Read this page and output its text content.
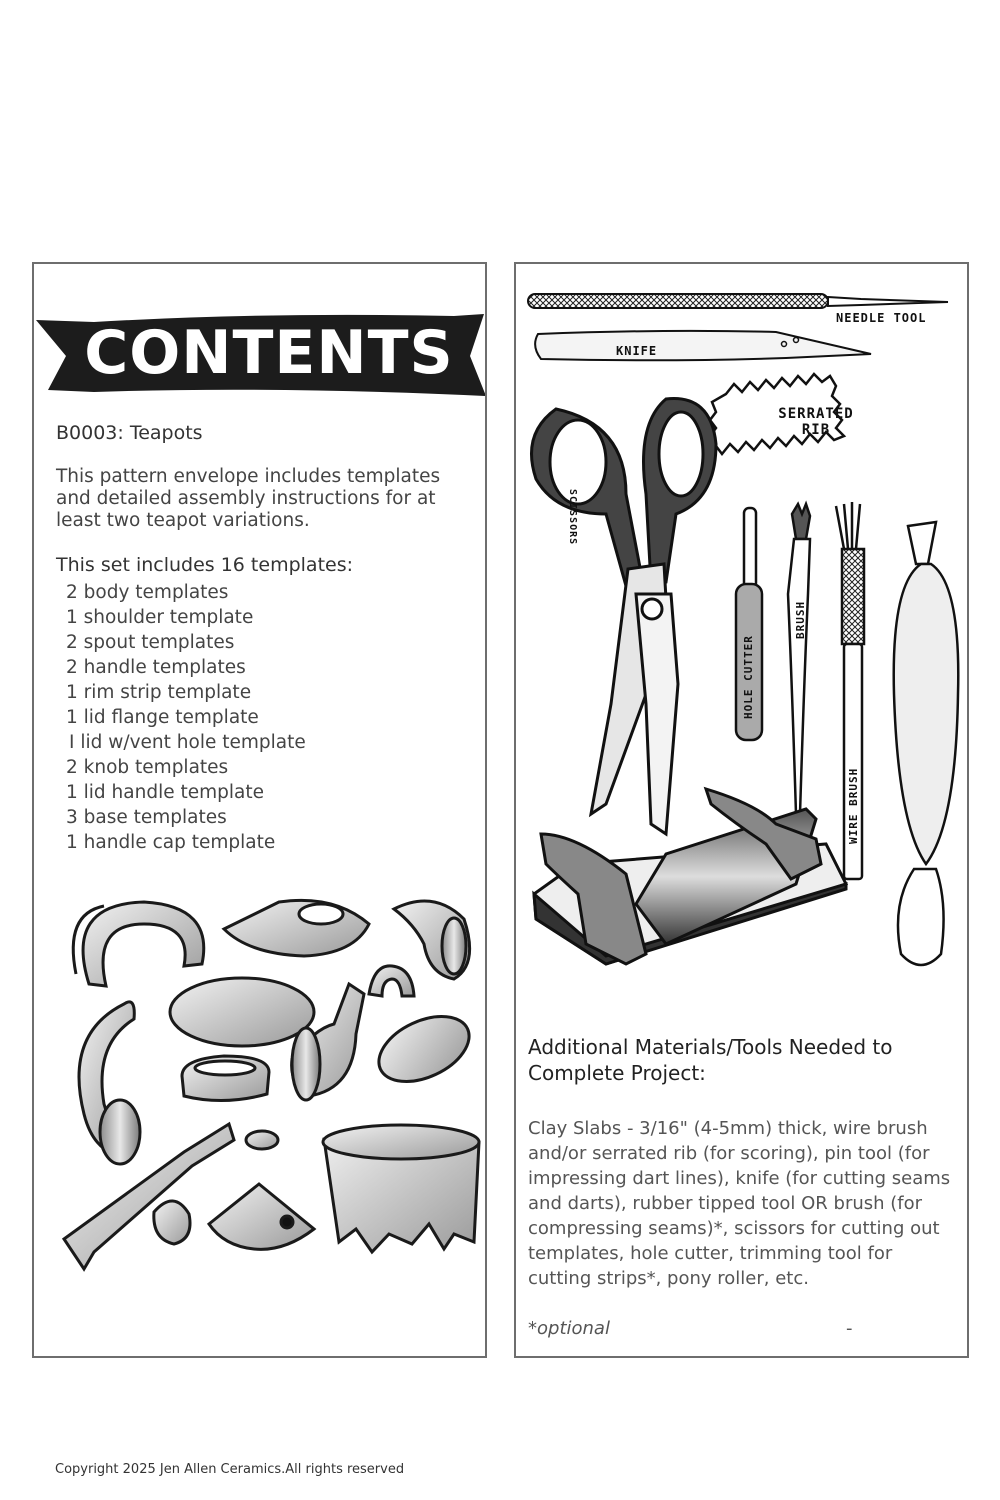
CONTENTS
B0003: Teapots
This pattern envelope includes templates and detailed assembly instructions for at least two teapot variations.
This set includes 16 templates:
2 body templates
1 shoulder template
2 spout templates
2 handle templates
1 rim strip template
1 lid flange template
I lid w/vent hole template
2 knob templates
1 lid handle template
3 base templates
1 handle cap template
NEEDLE TOOL
KNIFE
SERRATED RIB
SCISSORS
HOLE CUTTER
BRUSH
WIRE BRUSH
Additional Materials/Tools Needed to Complete Project:
Clay Slabs - 3/16" (4-5mm) thick, wire brush and/or serrated rib (for scoring), pin tool (for impressing dart lines), knife (for cutting seams and darts), rubber tipped tool OR brush (for compressing seams)*, scissors for cutting out templates, hole cutter, trimming tool for cutting strips*, pony roller, etc.
*optional	-
Copyright 2025 Jen Allen Ceramics.All rights reserved
